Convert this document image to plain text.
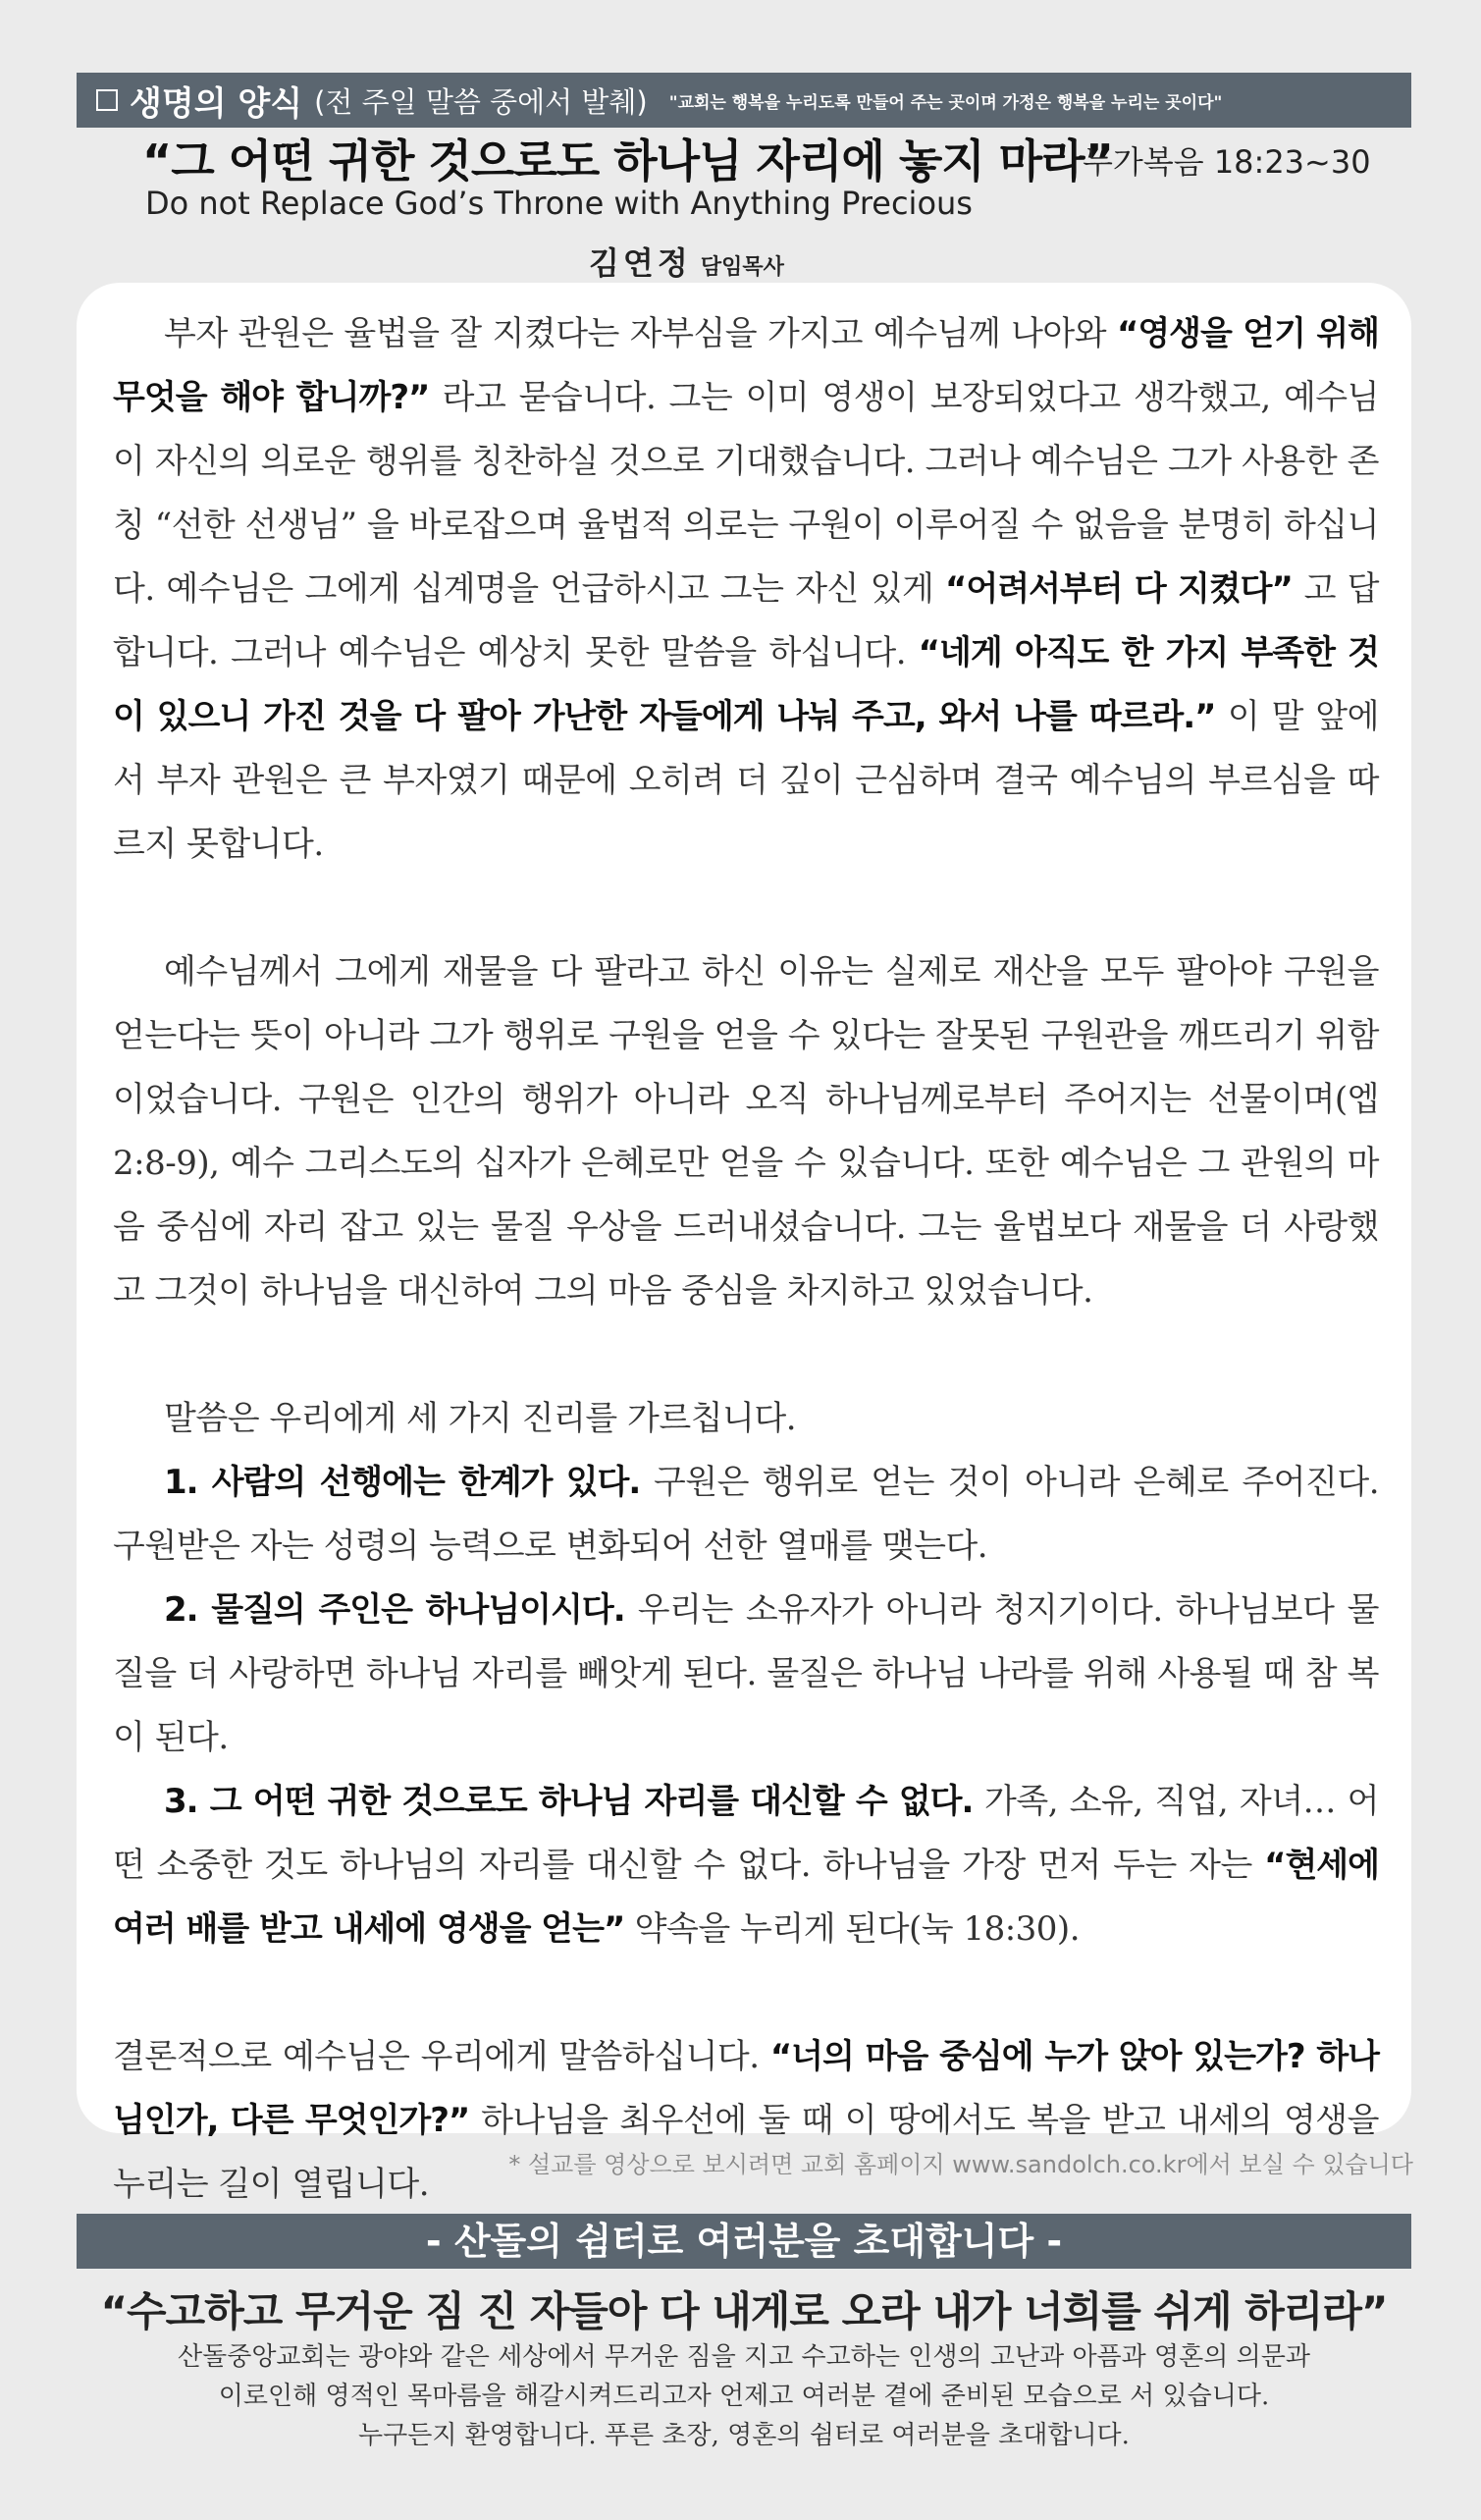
생명의 양식 (전 주일 말씀 중에서 발췌) "교회는 행복을 누리도록 만들어 주는 곳이며 가정은 행복을 누리는 곳이다"
“그 어떤 귀한 것으로도 하나님 자리에 놓지 마라”
누가복음 18:23~30
Do not Replace God’s Throne with Anything Precious
김연정 담임목사

부자 관원은 율법을 잘 지켰다는 자부심을 가지고 예수님께 나아와 “영생을 얻기 위해 무엇을 해야 합니까?” 라고 묻습니다. 그는 이미 영생이 보장되었다고 생각했고, 예수님이 자신의 의로운 행위를 칭찬하실 것으로 기대했습니다. 그러나 예수님은 그가 사용한 존칭 “선한 선생님” 을 바로잡으며 율법적 의로는 구원이 이루어질 수 없음을 분명히 하십니다. 예수님은 그에게 십계명을 언급하시고 그는 자신 있게 “어려서부터 다 지켰다” 고 답합니다. 그러나 예수님은 예상치 못한 말씀을 하십니다. “네게 아직도 한 가지 부족한 것이 있으니 가진 것을 다 팔아 가난한 자들에게 나눠 주고, 와서 나를 따르라.” 이 말 앞에서 부자 관원은 큰 부자였기 때문에 오히려 더 깊이 근심하며 결국 예수님의 부르심을 따르지 못합니다.

예수님께서 그에게 재물을 다 팔라고 하신 이유는 실제로 재산을 모두 팔아야 구원을 얻는다는 뜻이 아니라 그가 행위로 구원을 얻을 수 있다는 잘못된 구원관을 깨뜨리기 위함이었습니다. 구원은 인간의 행위가 아니라 오직 하나님께로부터 주어지는 선물이며(엡 2:8-9), 예수 그리스도의 십자가 은혜로만 얻을 수 있습니다. 또한 예수님은 그 관원의 마음 중심에 자리 잡고 있는 물질 우상을 드러내셨습니다. 그는 율법보다 재물을 더 사랑했고 그것이 하나님을 대신하여 그의 마음 중심을 차지하고 있었습니다.

말씀은 우리에게 세 가지 진리를 가르칩니다.

1. 사람의 선행에는 한계가 있다. 구원은 행위로 얻는 것이 아니라 은혜로 주어진다. 구원받은 자는 성령의 능력으로 변화되어 선한 열매를 맺는다.

2. 물질의 주인은 하나님이시다. 우리는 소유자가 아니라 청지기이다. 하나님보다 물질을 더 사랑하면 하나님 자리를 빼앗게 된다. 물질은 하나님 나라를 위해 사용될 때 참 복이 된다.

3. 그 어떤 귀한 것으로도 하나님 자리를 대신할 수 없다. 가족, 소유, 직업, 자녀… 어떤 소중한 것도 하나님의 자리를 대신할 수 없다. 하나님을 가장 먼저 두는 자는 “현세에 여러 배를 받고 내세에 영생을 얻는” 약속을 누리게 된다(눅 18:30).

결론적으로 예수님은 우리에게 말씀하십니다. “너의 마음 중심에 누가 앉아 있는가? 하나님인가, 다른 무엇인가?” 하나님을 최우선에 둘 때 이 땅에서도 복을 받고 내세의 영생을 누리는 길이 열립니다.	* 설교를 영상으로 보시려면 교회 홈페이지 www.sandolch.co.kr에서 보실 수 있습니다
- 산돌의 쉼터로 여러분을 초대합니다 -
“수고하고 무거운 짐 진 자들아 다 내게로 오라 내가 너희를 쉬게 하리라”
산돌중앙교회는 광야와 같은 세상에서 무거운 짐을 지고 수고하는 인생의 고난과 아픔과 영혼의 의문과
이로인해 영적인 목마름을 해갈시켜드리고자 언제고 여러분 곁에 준비된 모습으로 서 있습니다.
누구든지 환영합니다. 푸른 초장, 영혼의 쉼터로 여러분을 초대합니다.
